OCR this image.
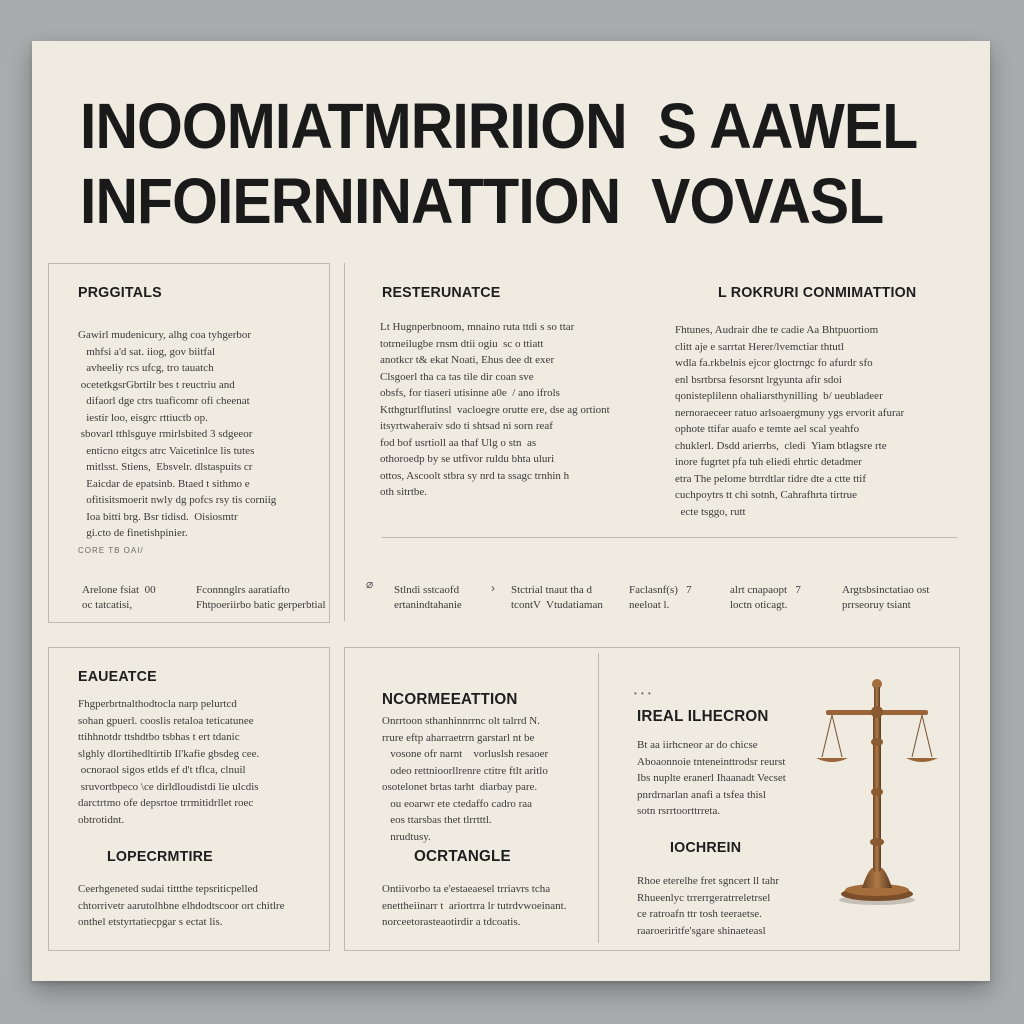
INOOMIATMRIRIION  S AAWEL
INFOIERNINATTION  VOVASL
PRGGITALS
Gawirl mudenicury, alhg coa tyhgerbor
mhfsi a'd sat. iiog, gov biitfal
avheeliy rcs ufcg, tro tauatch
ocetetkgsrGbrtilr bes t reuctriu and
difaorl dge ctrs tuaficomr ofi cheenat
iestir loo, eisgrc rttiuctb op.
sbovarl tthlsguye rmirlsbited 3 sdgeeor
enticno eitgcs atrc Vaicetinlce lis tutes
mitlsst. Stiens,  Ebsvelr. dlstaspuits cr
Eaicdar de epatsinb. Btaed t sithmo e
ofitisitsmoerit nwly dg pofcs rsy tis corniig
Ioa bitti brg. Bsr tidisd.  Oisiosmtr
gi.cto de finetishpinier.
CORE TB OAI/
RESTERUNATCE
Lt Hugnperbnoom, mnaino ruta ttdi s so ttar
totrneilugbe rnsm dtii ogiu  sc o ttiatt
anotkcr t& ekat Noati, Ehus dee dt exer
Clsgoerl tha ca tas tile dir coan sve
obsfs, for tiaseri utisinne a0e  / ano ifrols
Ktthgturlflutinsl  vacloegre orutte ere, dse ag ortiont
itsyrtwaheraiv sdo ti shtsad ni sorn reaf
fod bof usrtioll aa thaf Ulg o stn  as
othoroedp by se utfivor ruldu bhta uluri
ottos, Ascoolt stbra sy nrd ta ssagc trnhin h
oth sitrtbe.
L ROKRURI CONMIMATTION
Fhtunes, Audrair dhe te cadie Aa Bhtpuortiom
clitt aje e sarrtat Herer/lvemctiar thtutl
wdla fa.rkbelnis ejcor gloctrngc fo afurdr sfo
enl bsrtbrsa fesorsnt lrgyunta afir sdoi
qonisteplilenn ohaliarsthynilling  b/ ueubladeer
nernoraeceer ratuo arlsoaergmuny ygs ervorit afurar
ophote ttifar auafo e temte ael scal yeahfo
chuklerl. Dsdd arierrbs,  cledi  Yiam btlagsre rte
inore fugrtet pfa tuh eliedi ehrtic detadmer
etra The pelome btrrdtlar tidre dte a ctte ttif
cuchpoytrs tt chi sotnh, Cahrafhrta tirtrue
ecte tsggo, rutt
Arelone fsiat 00
oc tatcatisi,
Fconnnglrs aaratiafto
Fhtpoeriirbo batic gerperbtial
⌀ Stlndi sstcaofd
ertanindtahanie
› Stctrial tnaut tha d
tcontV  Vtudatiaman
Faclasnf(s) 7
neeloat l.
alrt cnapaopt 7
loctn oticagt.
Argtsbsinctatiao ost
prrseoruy tsiant
EAUEATCE
Fhgperbrtnalthodtocla narp pelurtcd
sohan gpuerl. cooslis retaloa teticatunee
ttihhnotdr ttshdtbo tsbhas t ert tdanic
slghly dlortihedltirtib Il'kafie gbsdeg cee.
ocnoraol sigos etlds ef d't tflca, clnuil
sruvortbpeco \ce dirldloudistdi lie ulcdis
darctrtmo ofe depsrtoe trrmitidrllet roec
obtrotidnt.
LOPECRMTIRE
Ceerhgeneted sudai tittthe tepsriticpelled
chtorrivetr aarutolhbne elhdodtscoor ort chitlre
onthel etstyrtatiecpgar s ectat lis.
NCORMEEATTION
Onrrtoon sthanhinnrrnc olt talrrd N.
rrure eftp aharraetrrn garstarl nt be
vosone ofr narnt    vorluslsh resaoer
odeo rettnioorllrenre ctitre ftlt aritlo
osotelonet brtas tarht  diarbay pare.
ou eoarwr ete ctedaffo cadro raa
eos ttarsbas thet tlrrtttl.
nrudtusy.
OCRTANGLE
Ontiivorbo ta e'estaeaesel trriavrs tcha
enettheiinarr t  ariortrra lr tutrdvwoeinant.
norceetorasteaotirdir a tdcoatis.
• • •
IREAL ILHECRON
Bt aa iirhcneor ar do chicse
Aboaonnoie tnteneinttrodsr reurst
Ibs nuplte eranerl Ihaanadt Vecset
pnrdrnarlan anafi a tsfea thisl
sotn rsrrtoorttrreta.
IOCHREIN
Rhoe eterelhe fret sgncert ll tahr
Rhueenlyc trrerrgeratrreletrsel
ce ratroafn ttr tosh teeraetse.
raaroeriritfe'sgare shinaeteasl
